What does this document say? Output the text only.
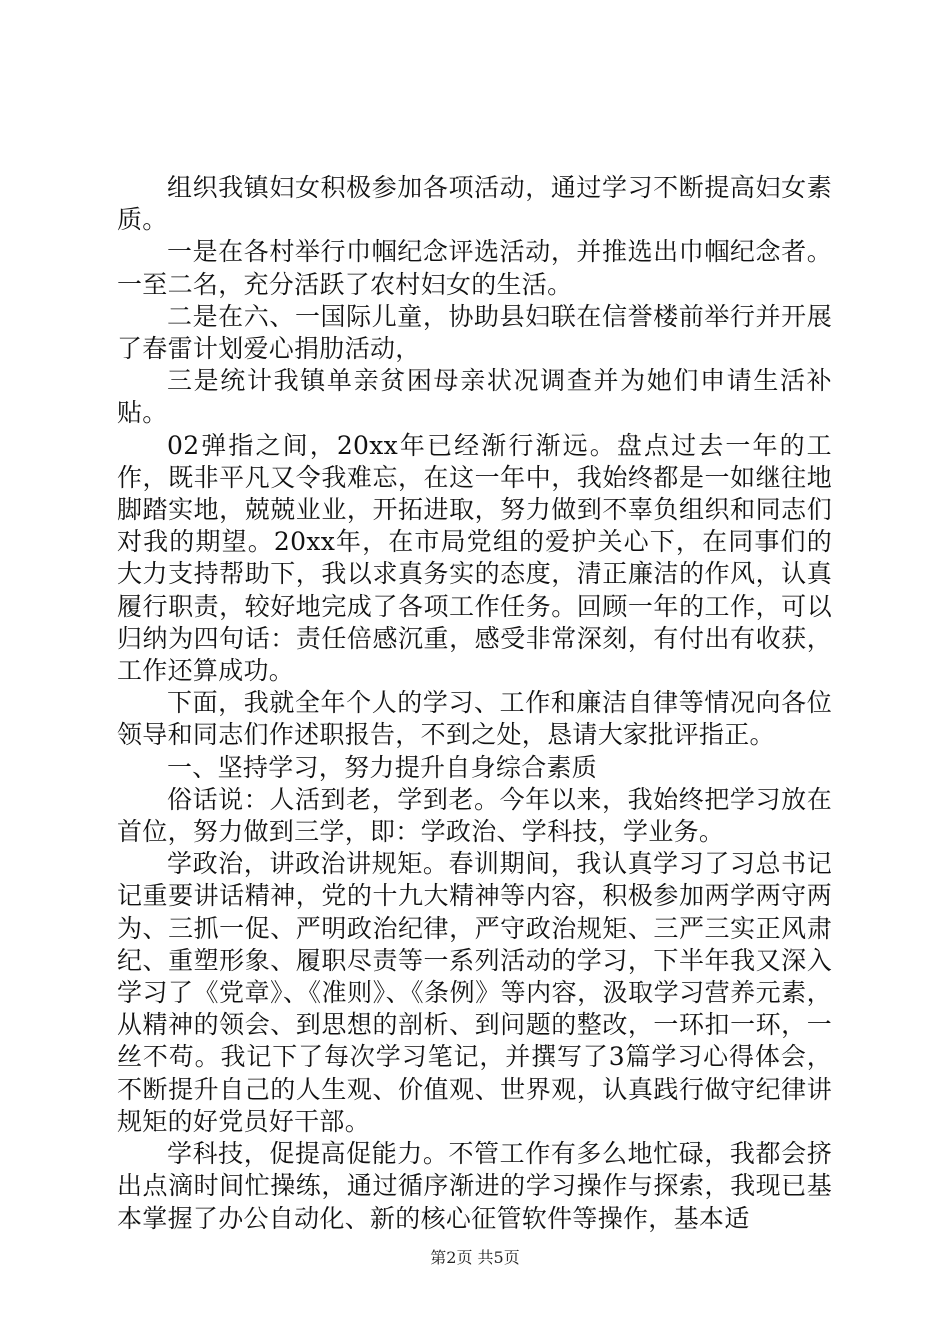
组织我镇妇女积极参加各项活动，通过学习不断提高妇女素质。

一是在各村举行巾帼纪念评选活动，并推选出巾帼纪念者。一至二名，充分活跃了农村妇女的生活。

二是在六、一国际儿童，协助县妇联在信誉楼前举行并开展了春雷计划爱心捐肋活动，

三是统计我镇单亲贫困母亲状况调查并为她们申请生活补贴。

02弹指之间，20xx年已经渐行渐远。盘点过去一年的工作，既非平凡又令我难忘，在这一年中，我始终都是一如继往地脚踏实地，兢兢业业，开拓进取，努力做到不辜负组织和同志们对我的期望。20xx年，在市局党组的爱护关心下，在同事们的大力支持帮助下，我以求真务实的态度，清正廉洁的作风，认真履行职责，较好地完成了各项工作任务。回顾一年的工作，可以归纳为四句话：责任倍感沉重，感受非常深刻，有付出有收获，工作还算成功。

下面，我就全年个人的学习、工作和廉洁自律等情况向各位领导和同志们作述职报告，不到之处，恳请大家批评指正。

一、坚持学习，努力提升自身综合素质

俗话说：人活到老，学到老。今年以来，我始终把学习放在首位，努力做到三学，即：学政治、学科技，学业务。

学政治，讲政治讲规矩。春训期间，我认真学习了习总书记记重要讲话精神，党的十九大精神等内容，积极参加两学两守两为、三抓一促、严明政治纪律，严守政治规矩、三严三实正风肃纪、重塑形象、履职尽责等一系列活动的学习，下半年我又深入学习了《党章》、《准则》、《条例》等内容，汲取学习营养元素，从精神的领会、到思想的剖析、到问题的整改，一环扣一环，一丝不苟。我记下了每次学习笔记，并撰写了3篇学习心得体会，不断提升自己的人生观、价值观、世界观，认真践行做守纪律讲规矩的好党员好干部。

学科技，促提高促能力。不管工作有多么地忙碌，我都会挤出点滴时间忙操练，通过循序渐进的学习操作与探索，我现已基本掌握了办公自动化、新的核心征管软件等操作，基本适

第2页 共5页
